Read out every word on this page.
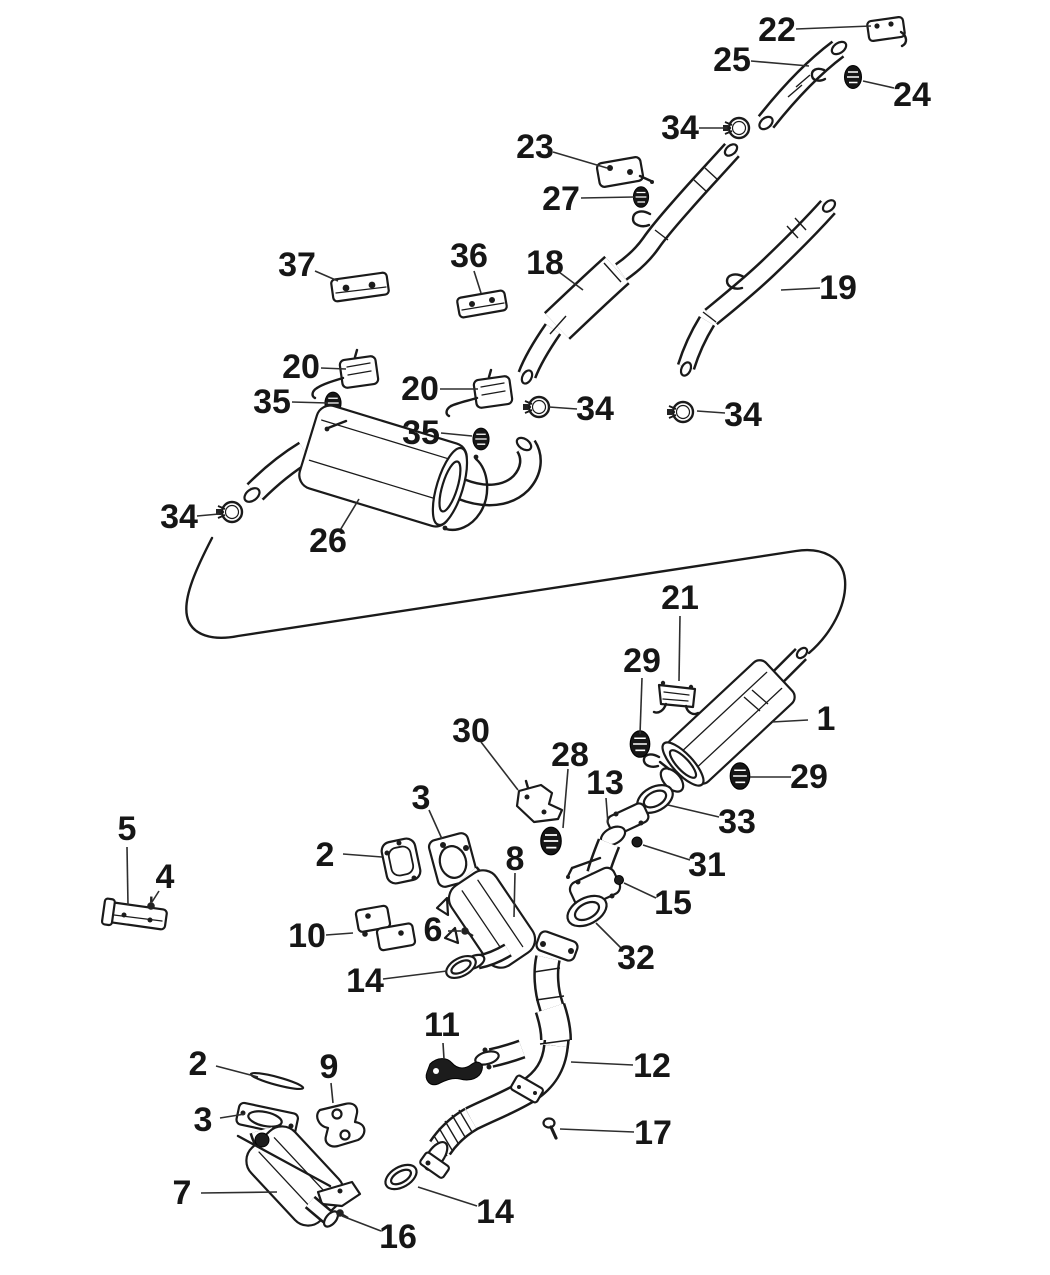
22
25
24
34
23
27
37	36 18
19
20
35	20
35
34	34
34
26
21
29
1
29
33
30
28
13
3
8	31
15
32
6
2
5
4
10
14
2	9
3
7
16
11
12
17
14
